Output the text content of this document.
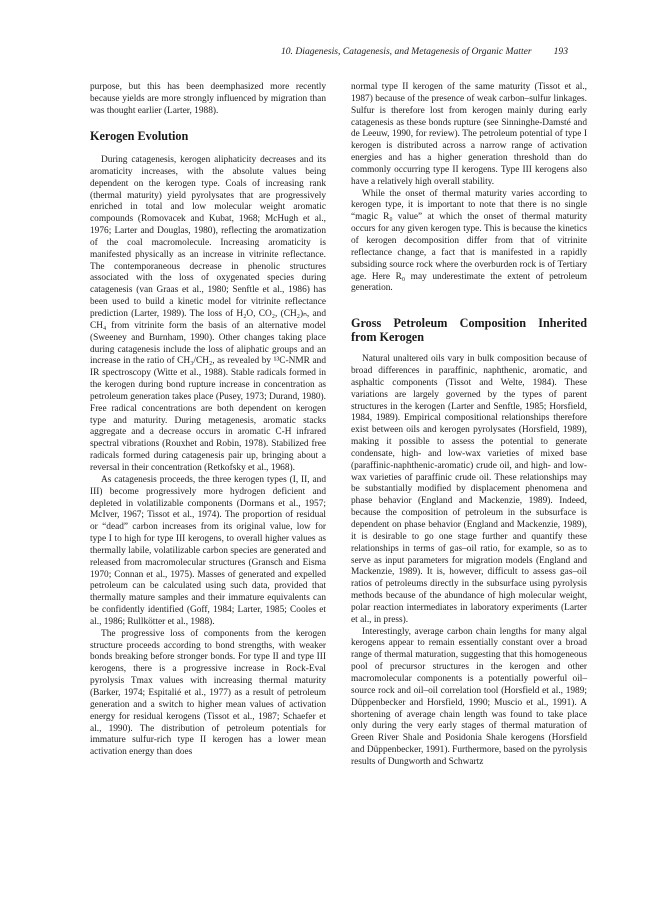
10. Diagenesis, Catagenesis, and Metagenesis of Organic Matter 193

purpose, but this has been deemphasized more recently because yields are more strongly influenced by migration than was thought earlier (Larter, 1988).

Kerogen Evolution

During catagenesis, kerogen aliphaticity decreases and its aromaticity increases, with the absolute values being dependent on the kerogen type. Coals of increasing rank (thermal maturity) yield pyrolysates that are progressively enriched in total and low molecular weight aromatic compounds (Romovacek and Kubat, 1968; McHugh et al., 1976; Larter and Douglas, 1980), reflecting the aromatization of the coal macromolecule. Increasing aromaticity is manifested physically as an increase in vitrinite reflectance. The contemporaneous decrease in phenolic structures associated with the loss of oxygenated species during catagenesis (van Graas et al., 1980; Senftle et al., 1986) has been used to build a kinetic model for vitrinite reflectance prediction (Larter, 1989). The loss of H₂O, CO₂, (CH₂)ₙ, and CH₄ from vitrinite form the basis of an alternative model (Sweeney and Burnham, 1990). Other changes taking place during catagenesis include the loss of aliphatic groups and an increase in the ratio of CH₃/CH₂, as revealed by ¹³C-NMR and IR spectroscopy (Witte et al., 1988). Stable radicals formed in the kerogen during bond rupture increase in concentration as petroleum generation takes place (Pusey, 1973; Durand, 1980). Free radical concentrations are both dependent on kerogen type and maturity. During metagenesis, aromatic stacks aggregate and a decrease occurs in aromatic C-H infrared spectral vibrations (Rouxhet and Robin, 1978). Stabilized free radicals formed during catagenesis pair up, bringing about a reversal in their concentration (Retkofsky et al., 1968).

As catagenesis proceeds, the three kerogen types (I, II, and III) become progressively more hydrogen deficient and depleted in volatilizable components (Dormans et al., 1957; McIver, 1967; Tissot et al., 1974). The proportion of residual or “dead” carbon increases from its original value, low for type I to high for type III kerogens, to overall higher values as thermally labile, volatilizable carbon species are generated and released from macromolecular structures (Gransch and Eisma 1970; Connan et al., 1975). Masses of generated and expelled petroleum can be calculated using such data, provided that thermally mature samples and their immature equivalents can be confidently identified (Goff, 1984; Larter, 1985; Cooles et al., 1986; Rullkötter et al., 1988).

The progressive loss of components from the kerogen structure proceeds according to bond strengths, with weaker bonds breaking before stronger bonds. For type II and type III kerogens, there is a progressive increase in Rock-Eval pyrolysis Tmax values with increasing thermal maturity (Barker, 1974; Espitalié et al., 1977) as a result of petroleum generation and a switch to higher mean values of activation energy for residual kerogens (Tissot et al., 1987; Schaefer et al., 1990). The distribution of petroleum potentials for immature sulfur-rich type II kerogen has a lower mean activation energy than does

normal type II kerogen of the same maturity (Tissot et al., 1987) because of the presence of weak carbon–sulfur linkages. Sulfur is therefore lost from kerogen mainly during early catagenesis as these bonds rupture (see Sinninghe-Damsté and de Leeuw, 1990, for review). The petroleum potential of type I kerogen is distributed across a narrow range of activation energies and has a higher generation threshold than do commonly occurring type II kerogens. Type III kerogens also have a relatively high overall stability.

While the onset of thermal maturity varies according to kerogen type, it is important to note that there is no single “magic R₀ value” at which the onset of thermal maturity occurs for any given kerogen type. This is because the kinetics of kerogen decomposition differ from that of vitrinite reflectance change, a fact that is manifested in a rapidly subsiding source rock where the overburden rock is of Tertiary age. Here R₀ may underestimate the extent of petroleum generation.

Gross Petroleum Composition Inherited from Kerogen

Natural unaltered oils vary in bulk composition because of broad differences in paraffinic, naphthenic, aromatic, and asphaltic components (Tissot and Welte, 1984). These variations are largely governed by the types of parent structures in the kerogen (Larter and Senftle, 1985; Horsfield, 1984, 1989). Empirical compositional relationships therefore exist between oils and kerogen pyrolysates (Horsfield, 1989), making it possible to assess the potential to generate condensate, high- and low-wax varieties of mixed base (paraffinic-naphthenic-aromatic) crude oil, and high- and low-wax varieties of paraffinic crude oil. These relationships may be substantially modified by displacement phenomena and phase behavior (England and Mackenzie, 1989). Indeed, because the composition of petroleum in the subsurface is dependent on phase behavior (England and Mackenzie, 1989), it is desirable to go one stage further and quantify these relationships in terms of gas–oil ratio, for example, so as to serve as input parameters for migration models (England and Mackenzie, 1989). It is, however, difficult to assess gas–oil ratios of petroleums directly in the subsurface using pyrolysis methods because of the abundance of high molecular weight, polar reaction intermediates in laboratory experiments (Larter et al., in press).

Interestingly, average carbon chain lengths for many algal kerogens appear to remain essentially constant over a broad range of thermal maturation, suggesting that this homogeneous pool of precursor structures in the kerogen and other macromolecular components is a potentially powerful oil–source rock and oil–oil correlation tool (Horsfield et al., 1989; Düppenbecker and Horsfield, 1990; Muscio et al., 1991). A shortening of average chain length was found to take place only during the very early stages of thermal maturation of Green River Shale and Posidonia Shale kerogens (Horsfield and Düppenbecker, 1991). Furthermore, based on the pyrolysis results of Dungworth and Schwartz
